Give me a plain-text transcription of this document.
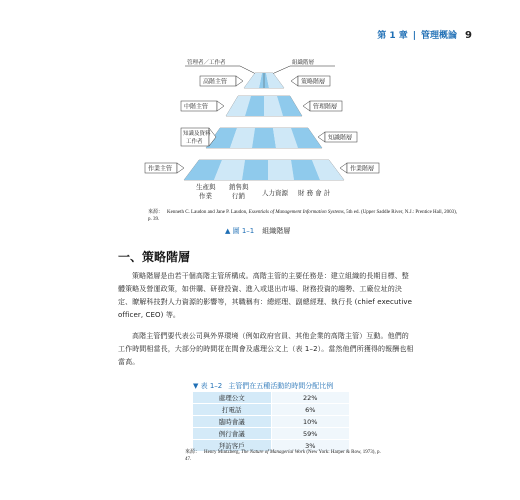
第 1 章 | 管理概論 9
管理者／工作者	組織階層
高階主管
中階主管
知識及資料
工作者
作業主管
策略階層
管理階層
知識階層
作業階層
生產與
作業
銷售與
行銷	人力資源 財 務 會 計
來源： Kenneth C. Laudon and Jane P. Laudon, Essentials of Management Information Systems, 5th ed. (Upper Saddle River, N.J.: Prentice Hall, 2003), p. 39.
▲ 圖 1–1 組織階層
一、策略階層
策略階層是由若干個高階主管所構成。高階主管的主要任務是：建立組織的長期目標、整體策略及營運政策，如併購、研發投資、進入或退出市場、財務投資的趨勢、工廠位址的決定、瞭解科技對人力資源的影響等，其職稱有：總經理、副總經理、執行長 (chief executive officer, CEO) 等。
高階主管們要代表公司與外界環境（例如政府官員、其他企業的高階主管）互動。他們的工作時間相當長，大部分的時間花在間會及處理公文上（表 1–2）。當然他們所獲得的報酬也相當高。
▼ 表 1–2 主管們在五種活動的時間分配比例
處理公文	22%
打電話	6%
臨時會議	10%
例行會議	59%
拜訪客戶	3%
來源： Henry Mintzberg, The Nature of Managerial Work (New York: Harper & Row, 1973), p. 47.
